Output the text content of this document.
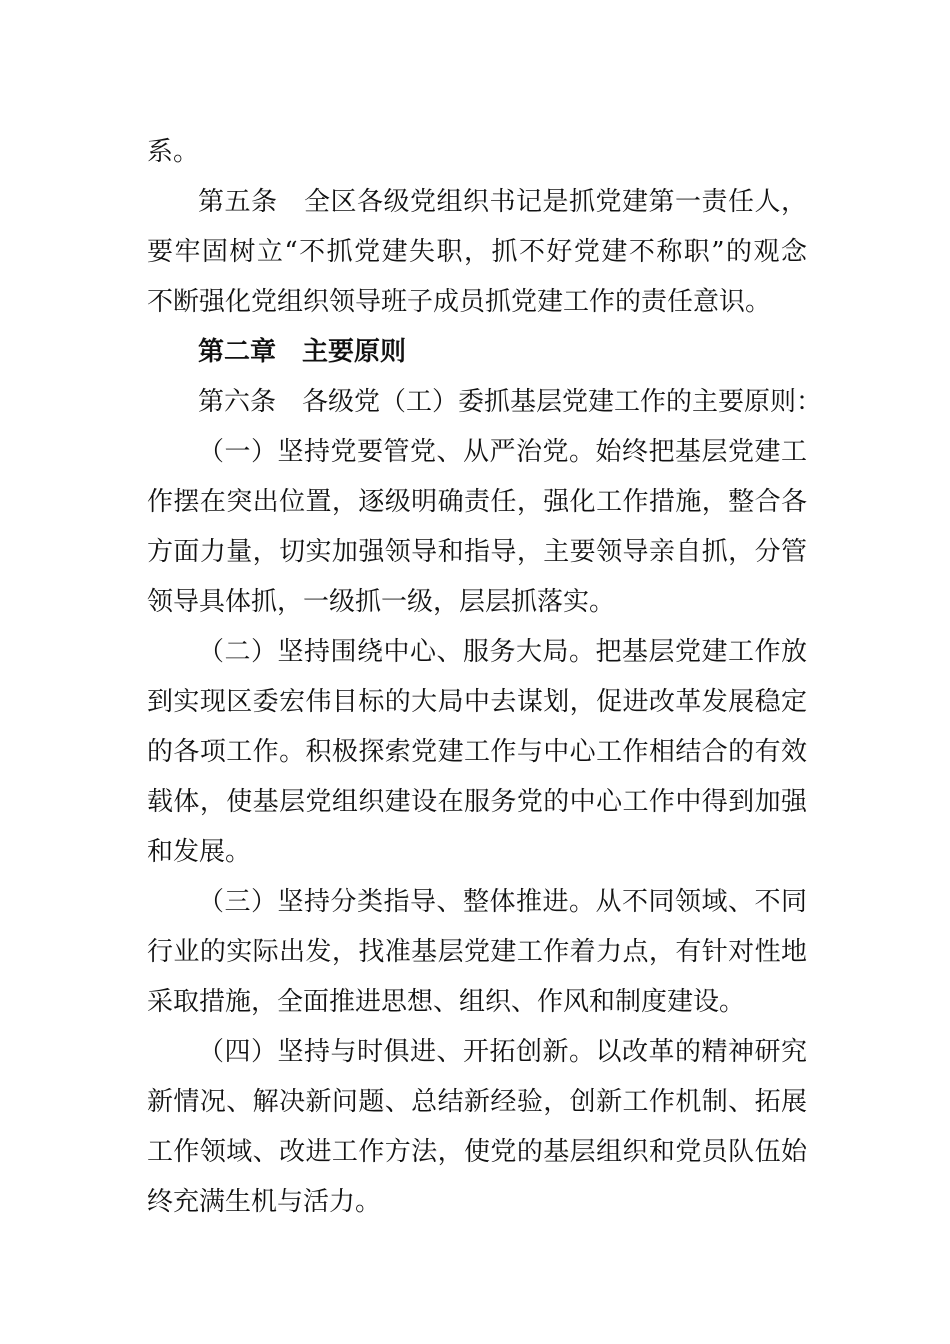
系。
第五条　全区各级党组织书记是抓党建第一责任人，
要牢固树立“不抓党建失职，抓不好党建不称职”的观念
不断强化党组织领导班子成员抓党建工作的责任意识。
第二章　主要原则
第六条　各级党（工）委抓基层党建工作的主要原则：
（一）坚持党要管党、从严治党。始终把基层党建工
作摆在突出位置，逐级明确责任，强化工作措施，整合各
方面力量，切实加强领导和指导，主要领导亲自抓，分管
领导具体抓，一级抓一级，层层抓落实。
（二）坚持围绕中心、服务大局。把基层党建工作放
到实现区委宏伟目标的大局中去谋划，促进改革发展稳定
的各项工作。积极探索党建工作与中心工作相结合的有效
载体，使基层党组织建设在服务党的中心工作中得到加强
和发展。
（三）坚持分类指导、整体推进。从不同领域、不同
行业的实际出发，找准基层党建工作着力点，有针对性地
采取措施，全面推进思想、组织、作风和制度建设。
（四）坚持与时俱进、开拓创新。以改革的精神研究
新情况、解决新问题、总结新经验，创新工作机制、拓展
工作领域、改进工作方法，使党的基层组织和党员队伍始
终充满生机与活力。
